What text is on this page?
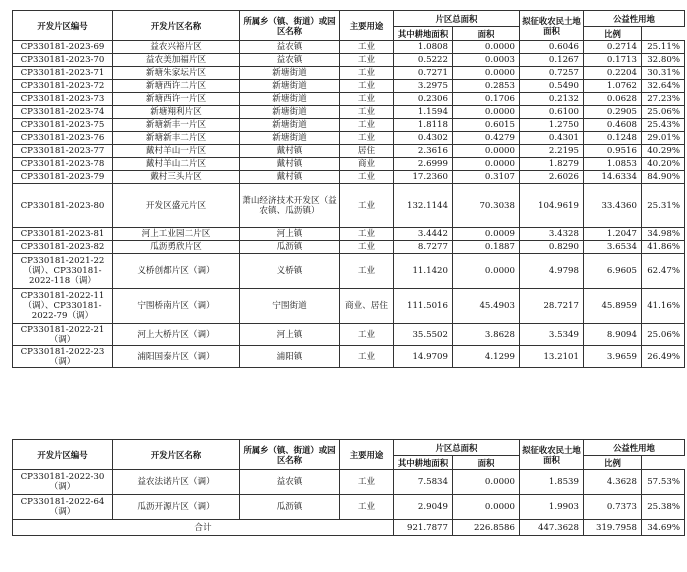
开发片区编号	开发片区名称	所属乡（镇、街道）或园区名称	主要用途	片区总面积		拟征收农民土地面积	公益性用地	
				其中耕地面积	面积		比例	
CP330181-2023-69	益农兴裕片区	益农镇	工业	1.0808	0.0000	0.6046	0.2714	25.11%
CP330181-2023-70	益农美加福片区	益农镇	工业	0.5222	0.0003	0.1267	0.1713	32.80%
CP330181-2023-71	新塘朱家坛片区	新塘街道	工业	0.7271	0.0000	0.7257	0.2204	30.31%
CP330181-2023-72	新塘西许二片区	新塘街道	工业	3.2975	0.2853	0.5490	1.0762	32.64%
CP330181-2023-73	新塘西许一片区	新塘街道	工业	0.2306	0.1706	0.2132	0.0628	27.23%
CP330181-2023-74	新塘翔利片区	新塘街道	工业	1.1594	0.0000	0.6100	0.2905	25.06%
CP330181-2023-75	新塘新丰一片区	新塘街道	工业	1.8118	0.6015	1.2750	0.4608	25.43%
CP330181-2023-76	新塘新丰二片区	新塘街道	工业	0.4302	0.4279	0.4301	0.1248	29.01%
CP330181-2023-77	戴村羊山一片区	戴村镇	居住	2.3616	0.0000	2.2195	0.9516	40.29%
CP330181-2023-78	戴村羊山二片区	戴村镇	商业	2.6999	0.0000	1.8279	1.0853	40.20%
CP330181-2023-79	戴村三头片区	戴村镇	工业	17.2360	0.3107	2.6026	14.6334	84.90%
CP330181-2023-80	开发区盛元片区	萧山经济技术开发区（益农镇、瓜沥镇）	工业	132.1144	70.3038	104.9619	33.4360	25.31%
CP330181-2023-81	河上工业园二片区	河上镇	工业	3.4442	0.0009	3.4328	1.2047	34.98%
CP330181-2023-82	瓜沥勇欣片区	瓜沥镇	工业	8.7277	0.1887	0.8290	3.6534	41.86%
CP330181-2021-22（调）、CP330181-2022-118（调）	义桥创都片区（调）	义桥镇	工业	11.1420	0.0000	4.9798	6.9605	62.47%
CP330181-2022-11（调）、CP330181-2022-79（调）	宁围桥南片区（调）	宁围街道	商业、居住	111.5016	45.4903	28.7217	45.8959	41.16%
CP330181-2022-21（调）	河上大桥片区（调）	河上镇	工业	35.5502	3.8628	3.5349	8.9094	25.06%
CP330181-2022-23（调）	浦阳国泰片区（调）	浦阳镇	工业	14.9709	4.1299	13.2101	3.9659	26.49%
开发片区编号	开发片区名称	所属乡（镇、街道）或园区名称	主要用途	片区总面积		拟征收农民土地面积	公益性用地	
				其中耕地面积	面积		比例	
CP330181-2022-30（调）	益农法诺片区（调）	益农镇	工业	7.5834	0.0000	1.8539	4.3628	57.53%
CP330181-2022-64（调）	瓜沥开源片区（调）	瓜沥镇	工业	2.9049	0.0000	1.9903	0.7373	25.38%
合计				921.7877	226.8586	447.3628	319.7958	34.69%
